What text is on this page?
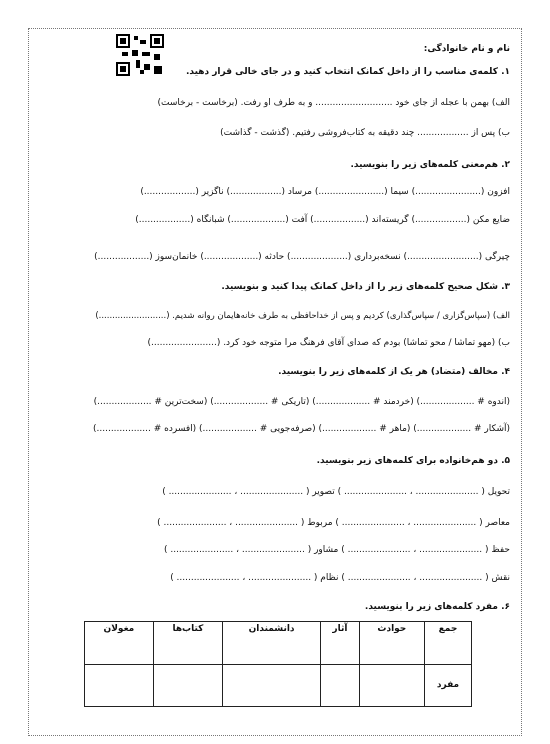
نام و نام خانوادگی:
۱. کلمه‌ی مناسب را از داخل کمانک انتخاب کنید و در جای خالی قرار دهید.
الف) بهمن با عجله از جای خود ........................... و به طرف او رفت. (برخاست - برخاست)
ب) پس از .................. چند دقیقه به کتاب‌فروشی رفتیم. (گذشت - گذاشت)
۲. هم‌معنی کلمه‌های زیر را بنویسید.
افزون (.......................) سیما (.......................) مرساد (..................) ناگزیر (..................)
ضایع مکن (..................) گریسته‌اند (..................) آفت (...................) شبانگاه (..................)
چیرگی (.........................) نسخه‌برداری (....................) حادثه (...................) خانمان‌سوز (..................)
۳. شکل صحیح کلمه‌های زیر را از داخل کمانک پیدا کنید و بنویسید.
الف) (سپاس‌گزاری / سپاس‌گذاری) کردیم و پس از خداحافظی به طرف خانه‌هایمان روانه شدیم. (.........................)
ب) (مهو تماشا / محو تماشا) بودم که صدای آقای فرهنگ مرا متوجه خود کرد. (.......................)
۴. مخالف (متضاد) هر یک از کلمه‌های زیر را بنویسید.
(اندوه # ...................) (خردمند # ...................) (تاریکی # ...................) (سخت‌ترین # ...................)
(آشکار # ...................) (ماهر # ...................) (صرفه‌جویی # ...................) (افسرده # ...................)
۵. دو هم‌خانواده برای کلمه‌های زیر بنویسید.
تحویل ( ...................... ، ...................... ) تصویر ( ...................... ، ...................... )
معاصر ( ...................... ، ...................... ) مربوط ( ...................... ، ...................... )
حفظ ( ...................... ، ...................... ) مشاور ( ...................... ، ...................... )
نقش ( ...................... ، ...................... ) نظام ( ...................... ، ...................... )
۶. مفرد کلمه‌های زیر را بنویسید.
جمع	حوادث	آثار	دانشمندان	کتاب‌ها	مغولان
مفرد					
